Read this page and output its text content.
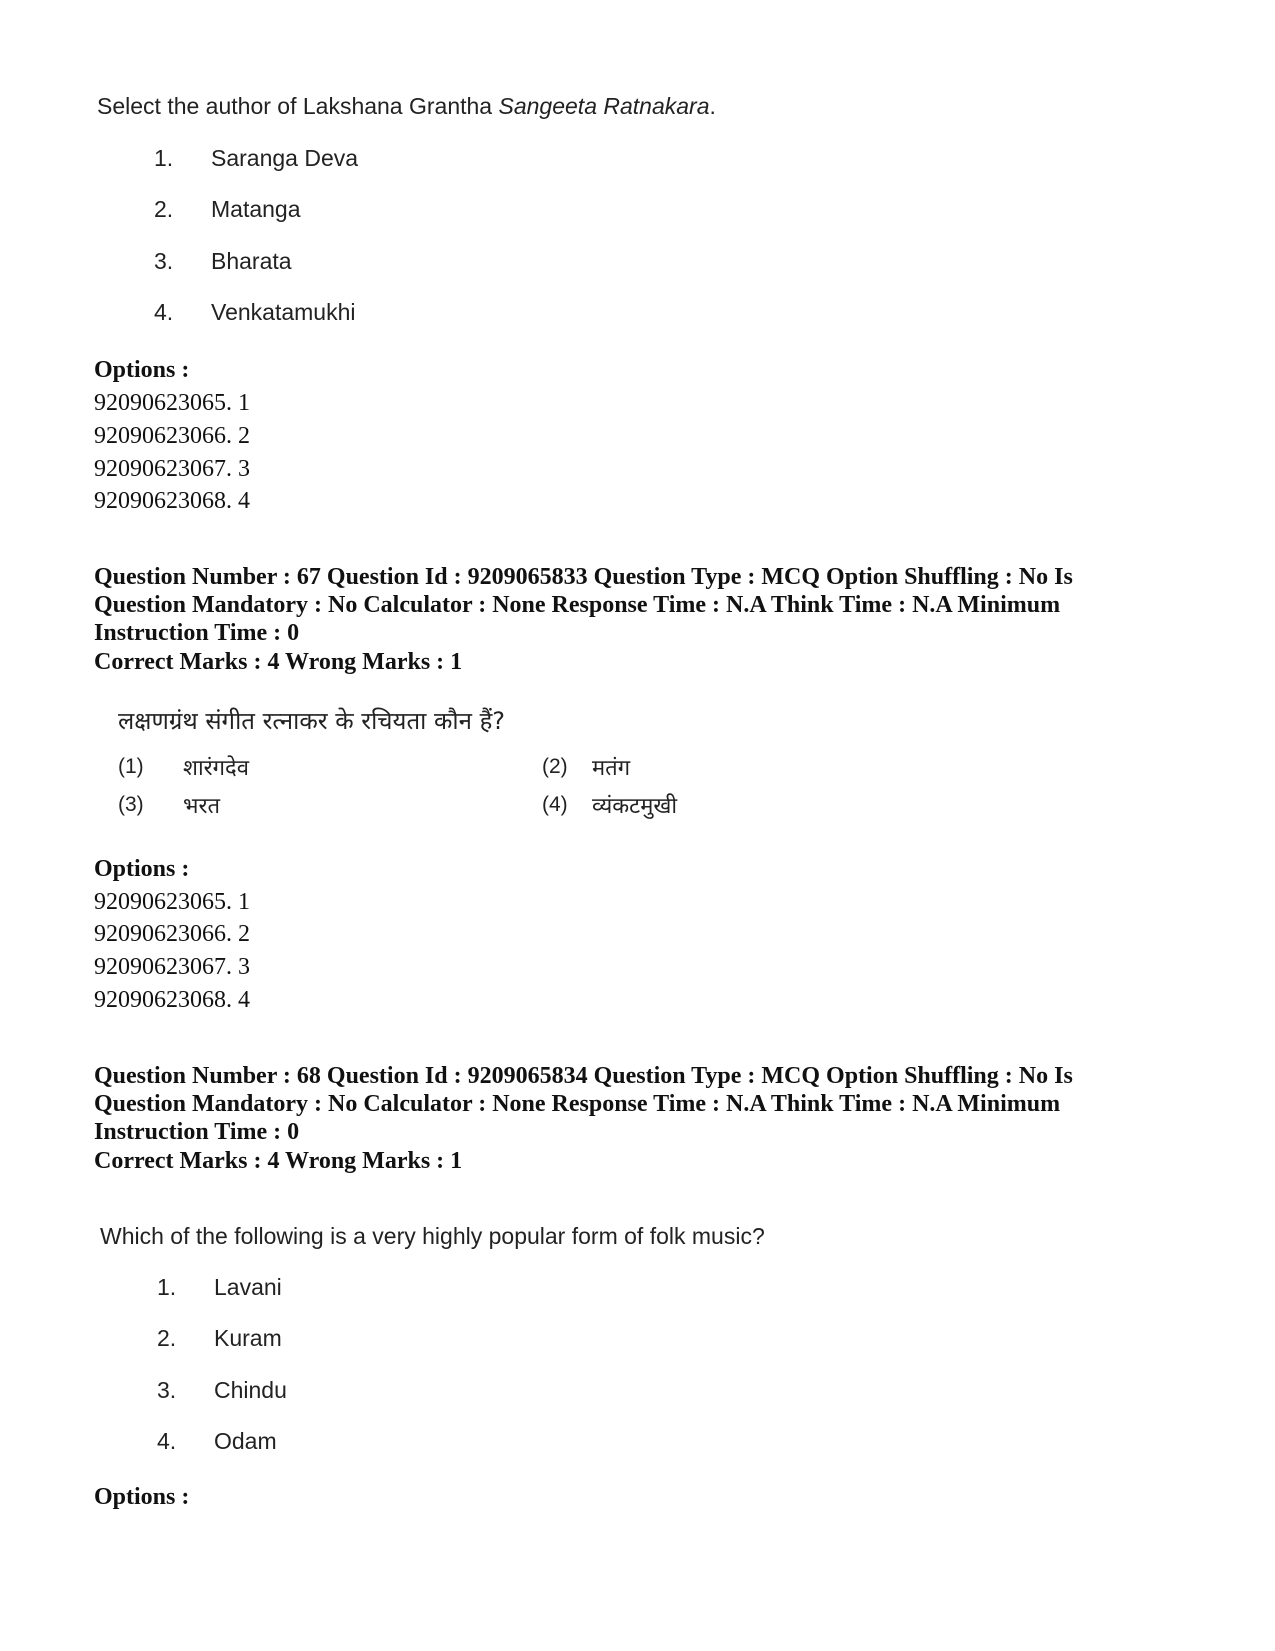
Select the author of Lakshana Grantha Sangeeta Ratnakara.
1. Saranga Deva
2. Matanga
3. Bharata
4. Venkatamukhi
Options :
92090623065. 1
92090623066. 2
92090623067. 3
92090623068. 4
Question Number : 67 Question Id : 9209065833 Question Type : MCQ Option Shuffling : No Is
Question Mandatory : No Calculator : None Response Time : N.A Think Time : N.A Minimum
Instruction Time : 0
Correct Marks : 4 Wrong Marks : 1
लक्षणग्रंथ संगीत रत्नाकर के रचियता कौन हैं?
(1) शारंगदेव	(2) मतंग
(3) भरत	(4) व्यंकटमुखी
Options :
92090623065. 1
92090623066. 2
92090623067. 3
92090623068. 4
Question Number : 68 Question Id : 9209065834 Question Type : MCQ Option Shuffling : No Is
Question Mandatory : No Calculator : None Response Time : N.A Think Time : N.A Minimum
Instruction Time : 0
Correct Marks : 4 Wrong Marks : 1
Which of the following is a very highly popular form of folk music?
1. Lavani
2. Kuram
3. Chindu
4. Odam
Options :
